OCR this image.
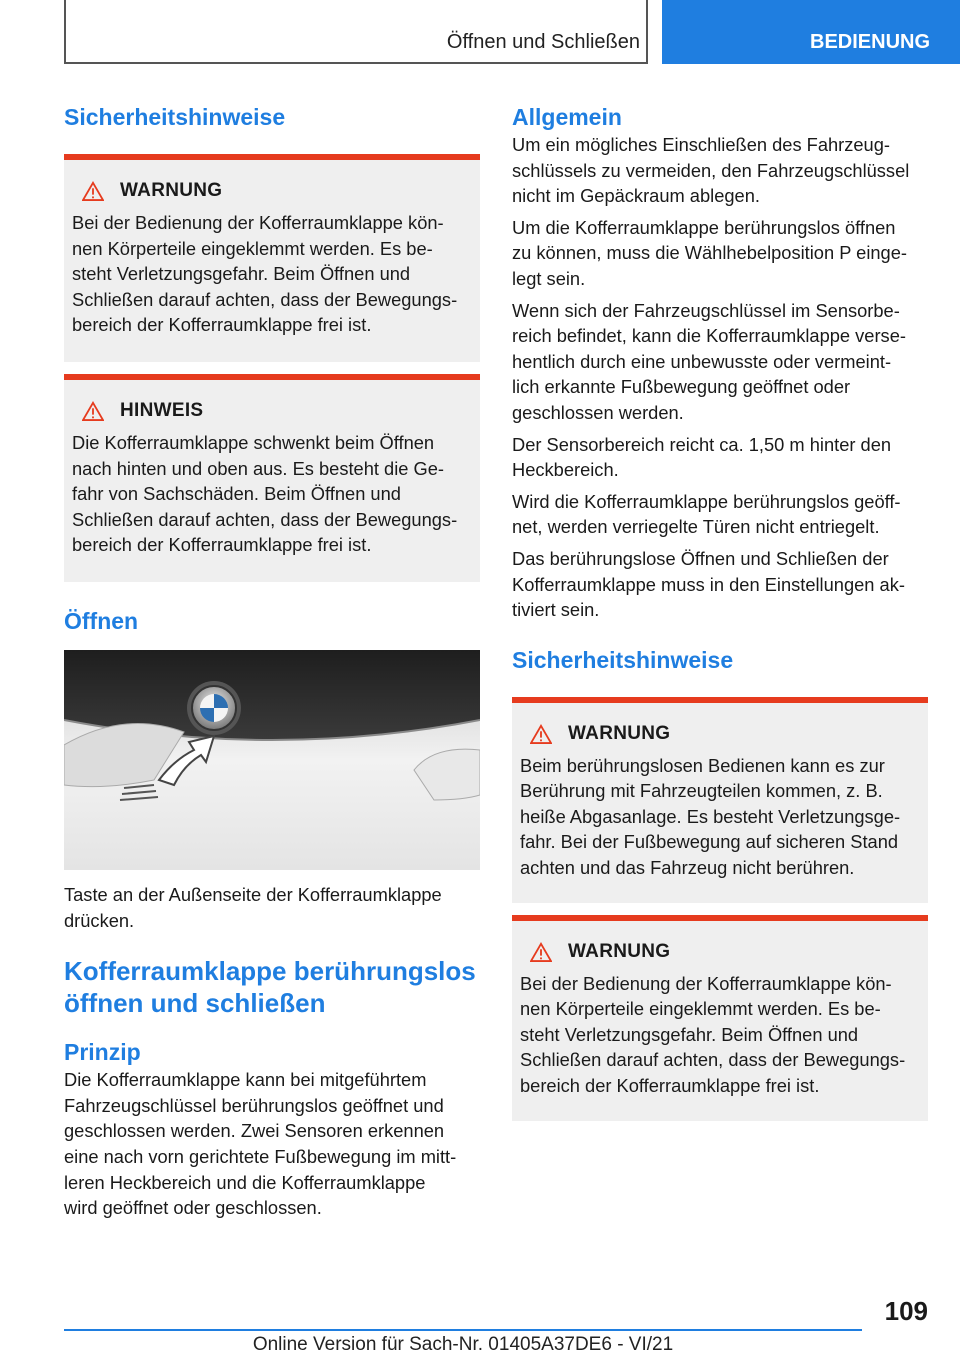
Öffnen und Schließen	BEDIENUNG
Sicherheitshinweise
WARNUNG

Bei der Bedienung der Kofferraumklappe kön-

nen Körperteile eingeklemmt werden. Es be-

steht Verletzungsgefahr. Beim Öffnen und

Schließen darauf achten, dass der Bewegungs-

bereich der Kofferraumklappe frei ist.

HINWEIS

Die Kofferraumklappe schwenkt beim Öffnen

nach hinten und oben aus. Es besteht die Ge-

fahr von Sachschäden. Beim Öffnen und

Schließen darauf achten, dass der Bewegungs-

bereich der Kofferraumklappe frei ist.

Öffnen

Taste an der Außenseite der Kofferraumklappe

drücken.

Kofferraumklappe berührungslos
öffnen und schließen
Prinzip

Die Kofferraumklappe kann bei mitgeführtem

Fahrzeugschlüssel berührungslos geöffnet und

geschlossen werden. Zwei Sensoren erkennen

eine nach vorn gerichtete Fußbewegung im mitt-

leren Heckbereich und die Kofferraumklappe

wird geöffnet oder geschlossen.

Allgemein

Um ein mögliches Einschließen des Fahrzeug-

schlüssels zu vermeiden, den Fahrzeugschlüssel

nicht im Gepäckraum ablegen.

Um die Kofferraumklappe berührungslos öffnen

zu können, muss die Wählhebelposition P einge-

legt sein.

Wenn sich der Fahrzeugschlüssel im Sensorbe-

reich befindet, kann die Kofferraumklappe verse-

hentlich durch eine unbewusste oder vermeint-

lich erkannte Fußbewegung geöffnet oder

geschlossen werden.

Der Sensorbereich reicht ca. 1,50 m hinter den

Heckbereich.

Wird die Kofferraumklappe berührungslos geöff-

net, werden verriegelte Türen nicht entriegelt.

Das berührungslose Öffnen und Schließen der

Kofferraumklappe muss in den Einstellungen ak-

tiviert sein.

Sicherheitshinweise
WARNUNG

Beim berührungslosen Bedienen kann es zur

Berührung mit Fahrzeugteilen kommen, z. B.

heiße Abgasanlage. Es besteht Verletzungsge-

fahr. Bei der Fußbewegung auf sicheren Stand

achten und das Fahrzeug nicht berühren.

WARNUNG

Bei der Bedienung der Kofferraumklappe kön-

nen Körperteile eingeklemmt werden. Es be-

steht Verletzungsgefahr. Beim Öffnen und

Schließen darauf achten, dass der Bewegungs-

bereich der Kofferraumklappe frei ist.

109
Online Version für Sach-Nr. 01405A37DE6 - VI/21
